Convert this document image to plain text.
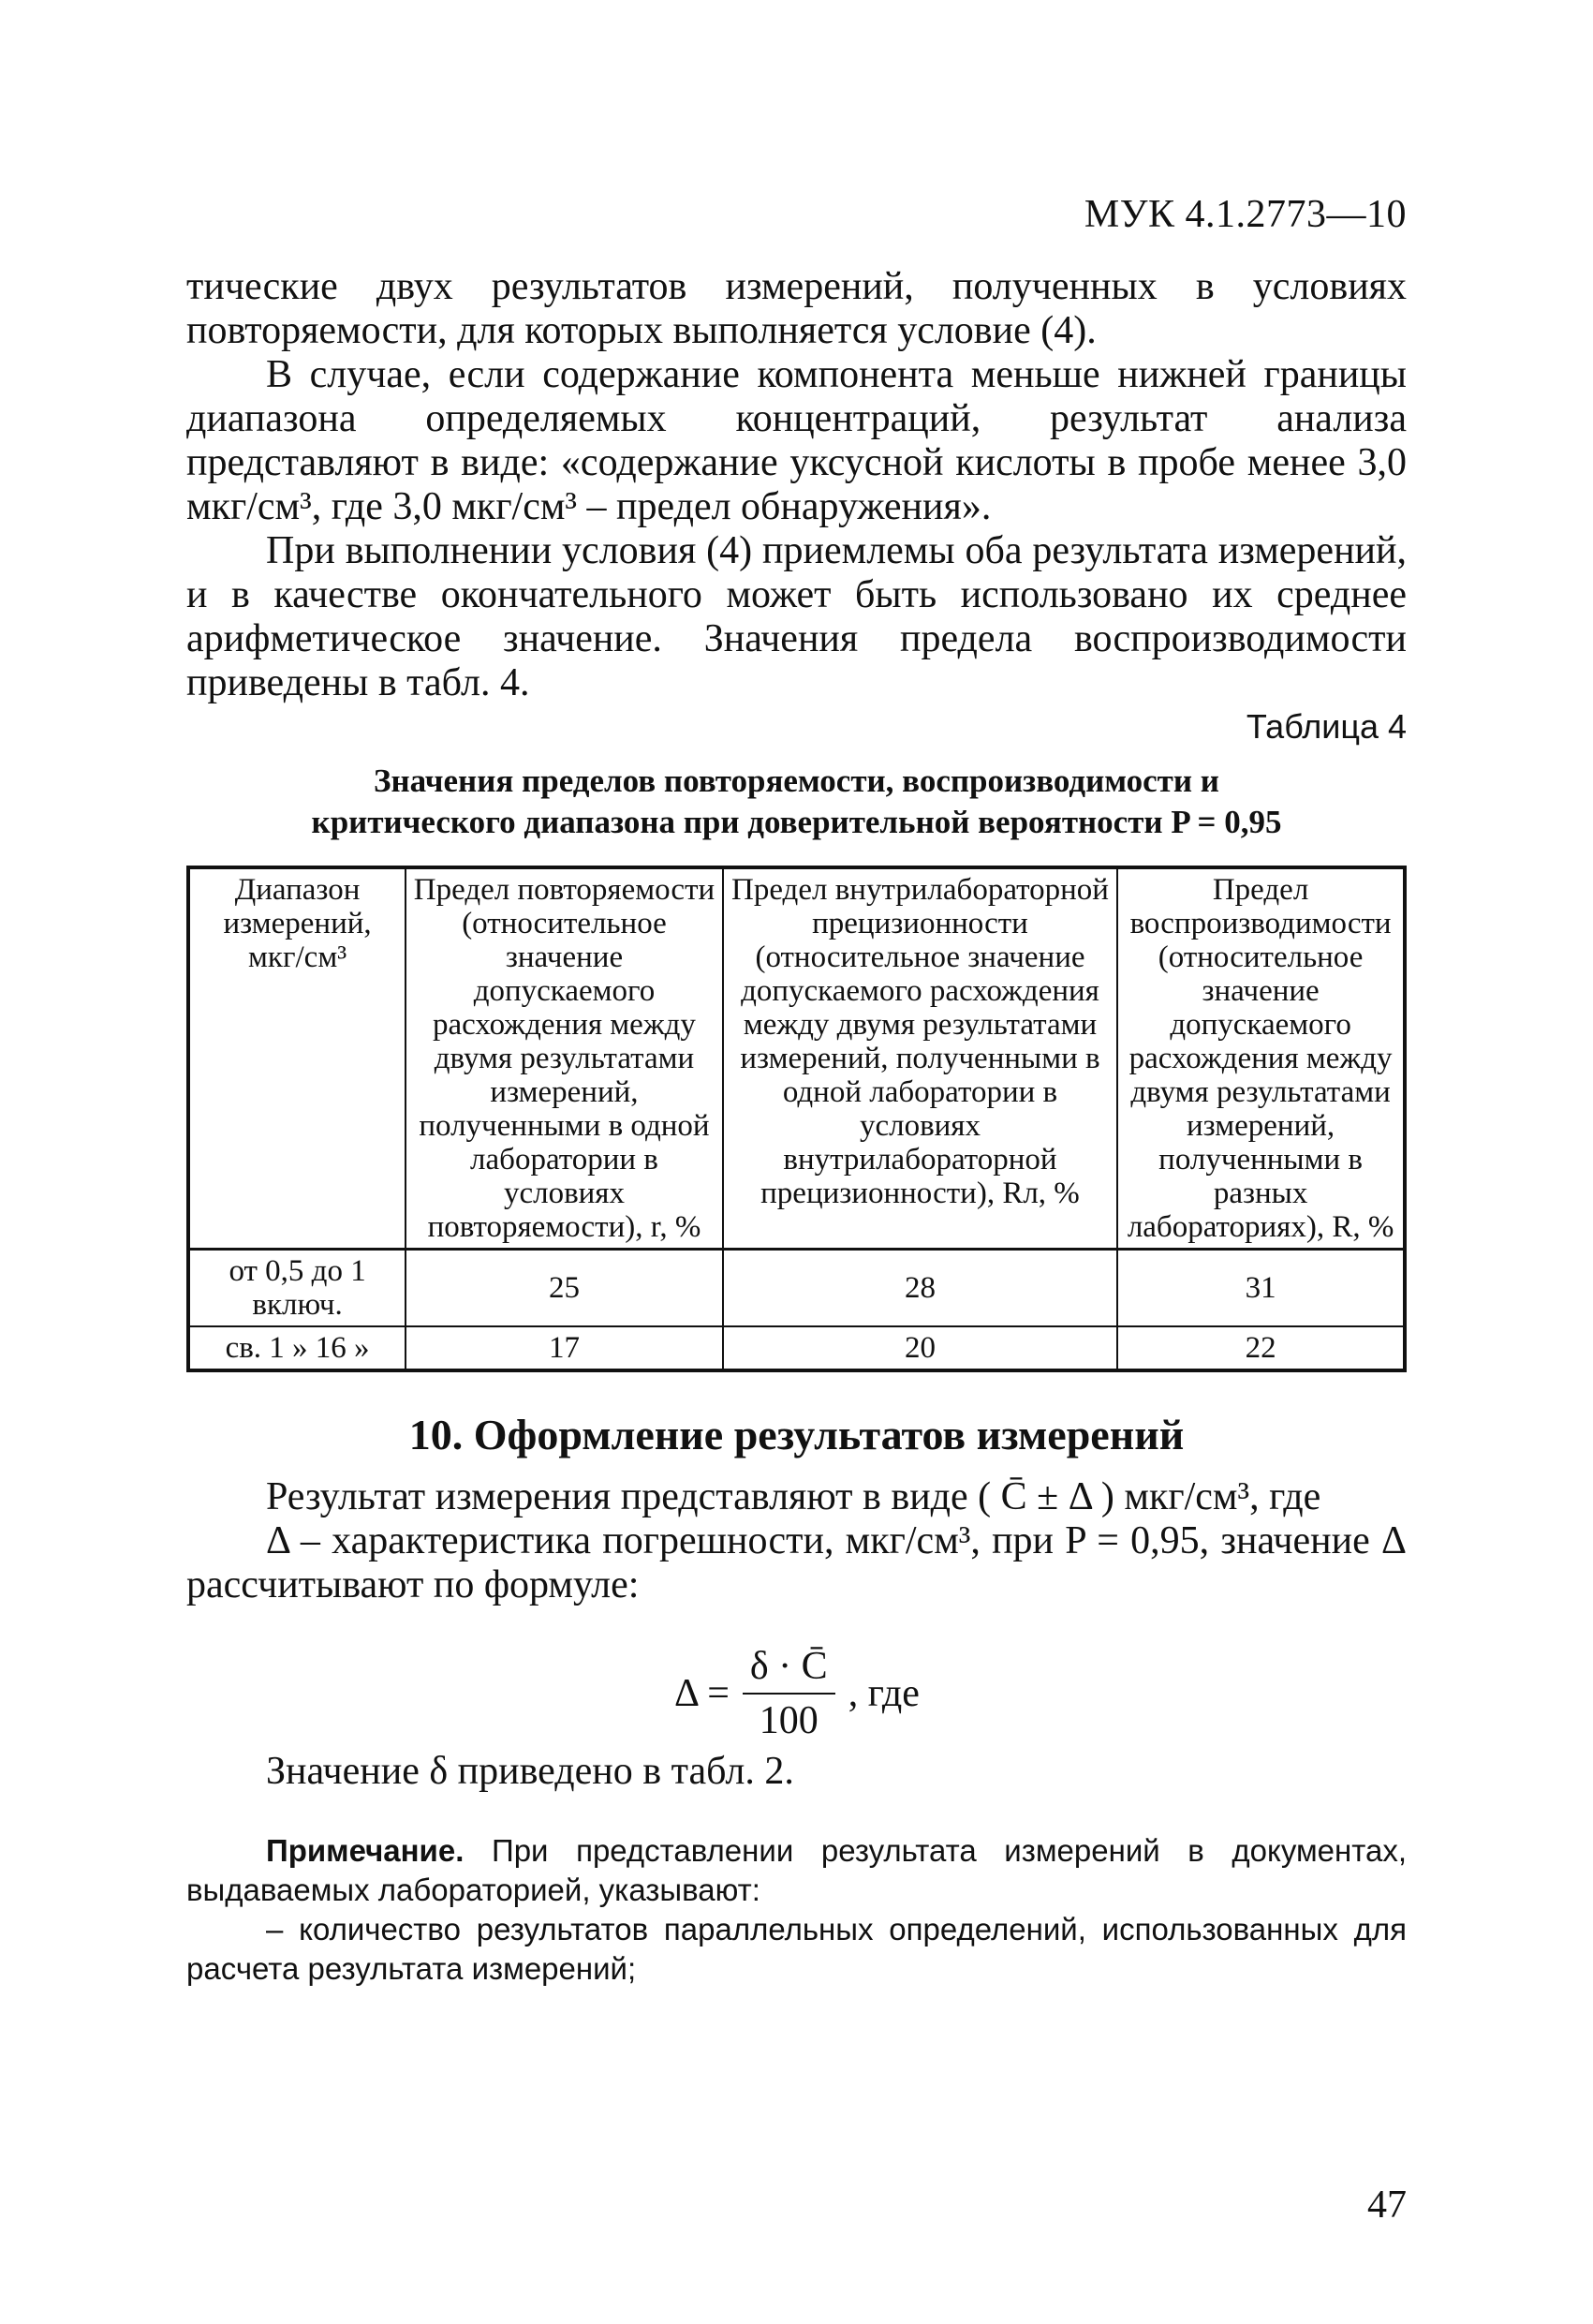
МУК 4.1.2773—10

тические двух результатов измерений, полученных в условиях повторяемости, для которых выполняется условие (4).

В случае, если содержание компонента меньше нижней границы диапазона определяемых концентраций, результат анализа представляют в виде: «содержание уксусной кислоты в пробе менее 3,0 мкг/см³, где 3,0 мкг/см³ – предел обнаружения».

При выполнении условия (4) приемлемы оба результата измерений, и в качестве окончательного может быть использовано их среднее арифметическое значение. Значения предела воспроизводимости приведены в табл. 4.

Таблица 4
Значения пределов повторяемости, воспроизводимости и
критического диапазона при доверительной вероятности P = 0,95
Диапазон измерений, мкг/см³	Предел повторяемости (относительное значение допускаемого расхождения между двумя результатами измерений, полученными в одной лаборатории в условиях повторяемости), r, %	Предел внутрилабораторной прецизионности (относительное значение допускаемого расхождения между двумя результатами измерений, полученными в одной лаборатории в условиях внутрилабораторной прецизионности), Rл, %	Предел воспроизводимости (относительное значение допускаемого расхождения между двумя результатами измерений, полученными в разных лабораториях), R, %
от 0,5 до 1 включ.	25	28	31
св. 1 » 16 »	17	20	22
10. Оформление результатов измерений

Результат измерения представляют в виде ( C̄ ± Δ ) мкг/см³, где

Δ – характеристика погрешности, мкг/см³, при P = 0,95, значение Δ рассчитывают по формуле:

$\Delta = \frac{\delta \cdot C̄}{100}$ , где

Значение δ приведено в табл. 2.

Примечание. При представлении результата измерений в документах, выдаваемых лабораторией, указывают:

– количество результатов параллельных определений, использованных для расчета результата измерений;

47
